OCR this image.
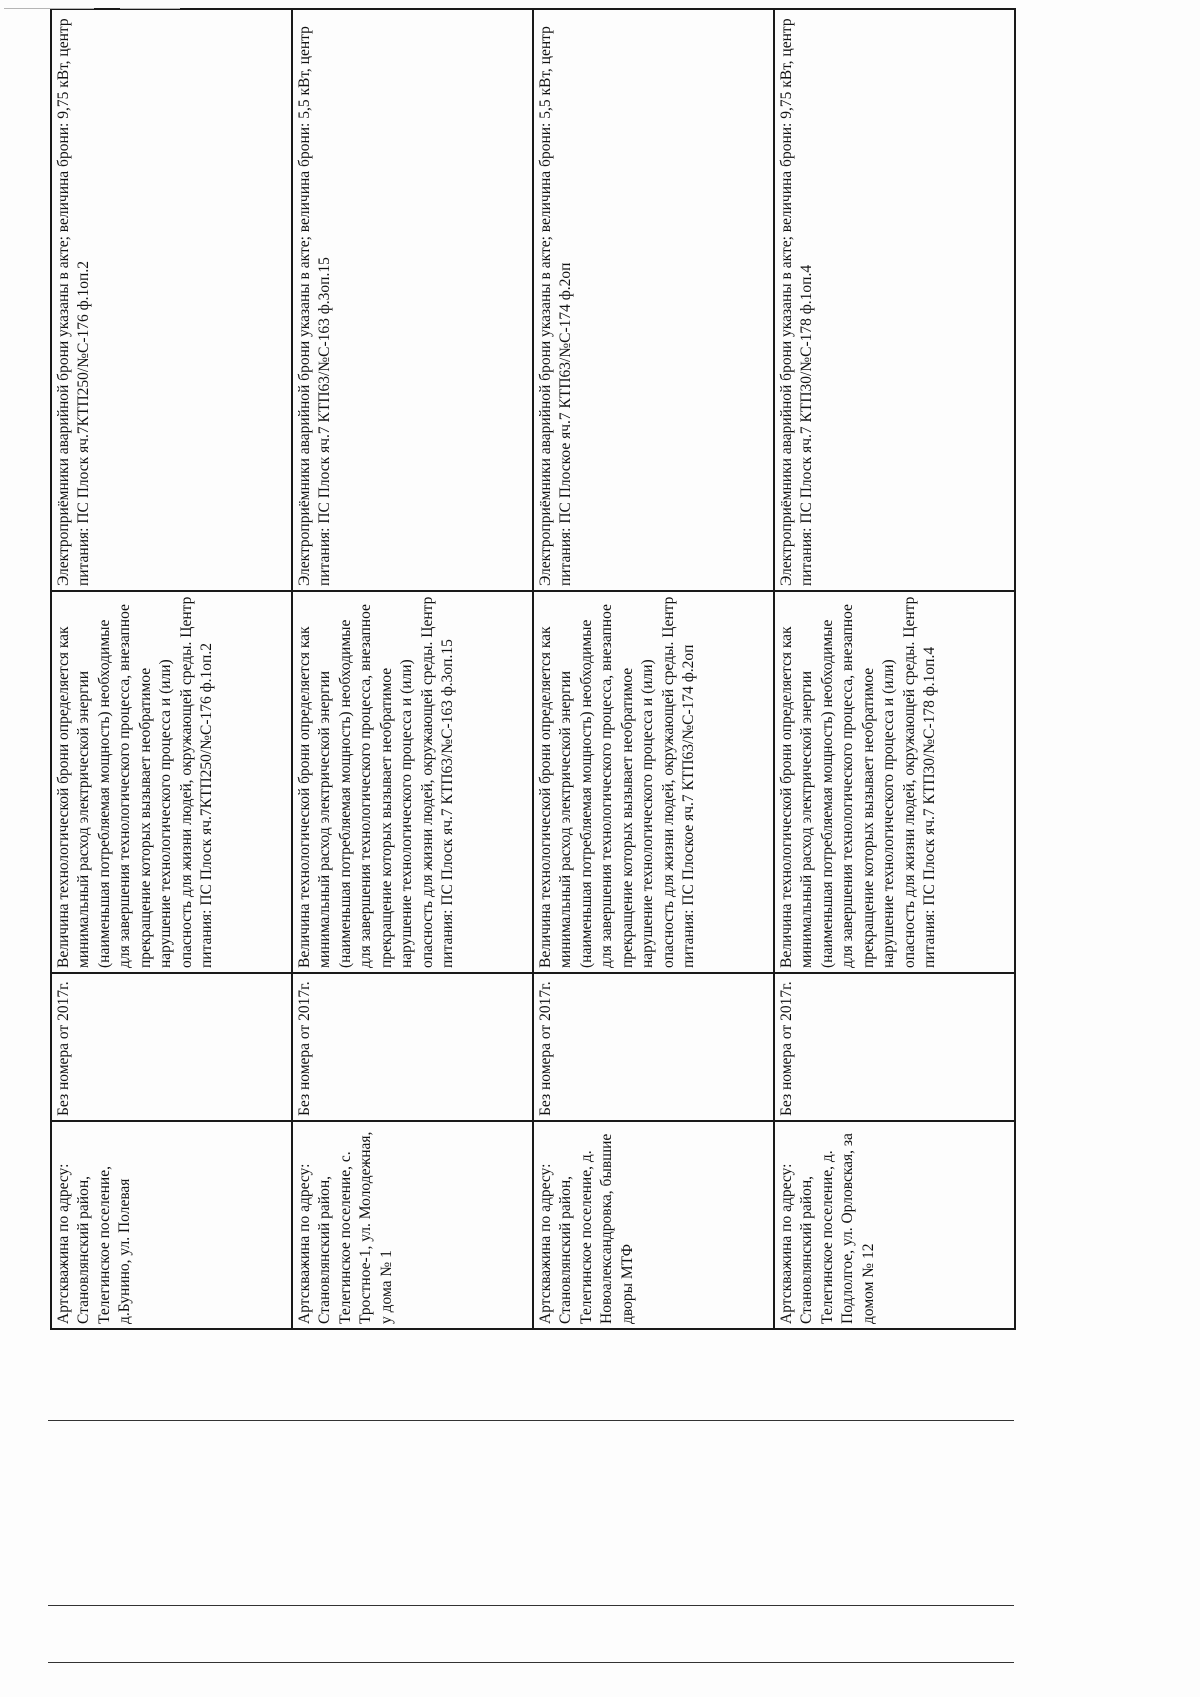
Артскважина по адресу: Становлянский район, Телегинское поселение, д.Бунино, ул. Полевая	Без номера от 2017г.	Величина технологической брони определяется как минимальный расход электрической энергии (наименьшая потребляемая мощность) необходимые для завершения технологического процесса, внезапное прекращение которых вызывает необратимое нарушение технологического процесса и (или) опасность для жизни людей, окружающей среды. Центр питания: ПС Плоск яч.7КТП250/№С-176 ф.1оп.2	Электроприёмники аварийной брони указаны в акте; величина брони: 9,75 кВт, центр питания: ПС Плоск яч.7КТП250/№С-176 ф.1оп.2
Артскважина по адресу: Становлянский район, Телегинское поселение, с. Тростное-1, ул. Молодежная, у дома № 1	Без номера от 2017г.	Величина технологической брони определяется как минимальный расход электрической энергии (наименьшая потребляемая мощность) необходимые для завершения технологического процесса, внезапное прекращение которых вызывает необратимое нарушение технологического процесса и (или) опасность для жизни людей, окружающей среды. Центр питания: ПС Плоск яч.7 КТП63/№С-163 ф.3оп.15	Электроприёмники аварийной брони указаны в акте; величина брони: 5,5 кВт, центр питания: ПС Плоск яч.7 КТП63/№С-163 ф.3оп.15
Артскважина по адресу: Становлянский район, Телегинское поселение, д. Новоалександровка, бывшие дворы МТФ	Без номера от 2017г.	Величина технологической брони определяется как минимальный расход электрической энергии (наименьшая потребляемая мощность) необходимые для завершения технологического процесса, внезапное прекращение которых вызывает необратимое нарушение технологического процесса и (или) опасность для жизни людей, окружающей среды. Центр питания: ПС Плоское яч.7 КТП63/№С-174 ф.2оп	Электроприёмники аварийной брони указаны в акте; величина брони: 5,5 кВт, центр питания: ПС Плоское яч.7 КТП63/№С-174 ф.2оп
Артскважина по адресу: Становлянский район, Телегинское поселение, д. Подлолгое, ул. Орловская, за домом № 12	Без номера от 2017г.	Величина технологической брони определяется как минимальный расход электрической энергии (наименьшая потребляемая мощность) необходимые для завершения технологического процесса, внезапное прекращение которых вызывает необратимое нарушение технологического процесса и (или) опасность для жизни людей, окружающей среды. Центр питания: ПС Плоск яч.7 КТП30/№С-178 ф.1оп.4	Электроприёмники аварийной брони указаны в акте; величина брони: 9,75 кВт, центр питания: ПС Плоск яч.7 КТП30/№С-178 ф.1оп.4
